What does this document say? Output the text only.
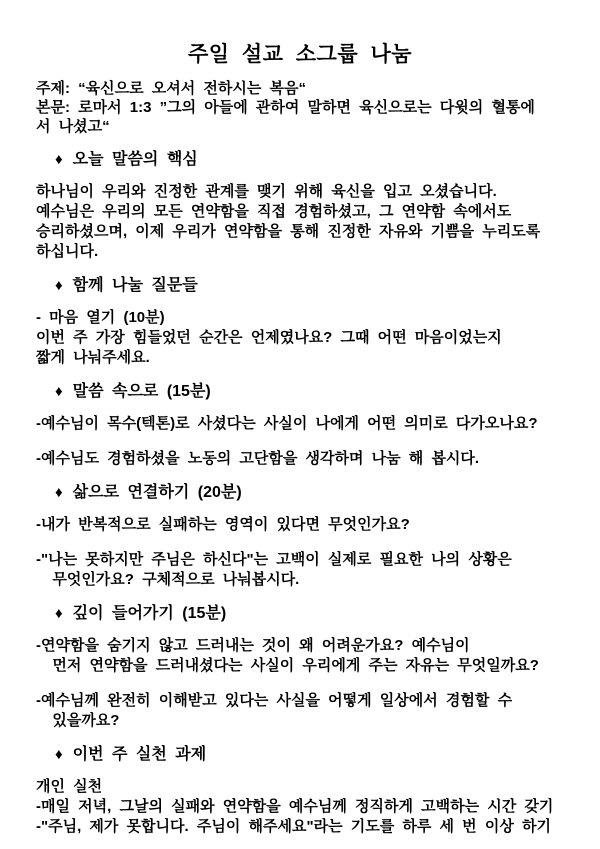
주일 설교 소그룹 나눔
주제: “육신으로 오셔서 전하시는 복음“
본문: 로마서 1:3 ”그의 아들에 관하여 말하면 육신으로는 다윗의 혈통에
서 나셨고“
♦ 오늘 말씀의 핵심
하나님이 우리와 진정한 관계를 맺기 위해 육신을 입고 오셨습니다.
예수님은 우리의 모든 연약함을 직접 경험하셨고, 그 연약함 속에서도
승리하셨으며, 이제 우리가 연약함을 통해 진정한 자유와 기쁨을 누리도록
하십니다.
♦ 함께 나눌 질문들
- 마음 열기 (10분)
이번 주 가장 힘들었던 순간은 언제였나요? 그때 어떤 마음이었는지
짧게 나눠주세요.
♦ 말씀 속으로 (15분)
-예수님이 목수(텍톤)로 사셨다는 사실이 나에게 어떤 의미로 다가오나요?
-예수님도 경험하셨을 노동의 고단함을 생각하며 나눔 해 봅시다.
♦ 삶으로 연결하기 (20분)
-내가 반복적으로 실패하는 영역이 있다면 무엇인가요?
-"나는 못하지만 주님은 하신다"는 고백이 실제로 필요한 나의 상황은
무엇인가요? 구체적으로 나눠봅시다.
♦ 깊이 들어가기 (15분)
-연약함을 숨기지 않고 드러내는 것이 왜 어려운가요? 예수님이
먼저 연약함을 드러내셨다는 사실이 우리에게 주는 자유는 무엇일까요?
-예수님께 완전히 이해받고 있다는 사실을 어떻게 일상에서 경험할 수
있을까요?
♦ 이번 주 실천 과제
개인 실천
-매일 저녁, 그날의 실패와 연약함을 예수님께 정직하게 고백하는 시간 갖기
-"주님, 제가 못합니다. 주님이 해주세요"라는 기도를 하루 세 번 이상 하기
